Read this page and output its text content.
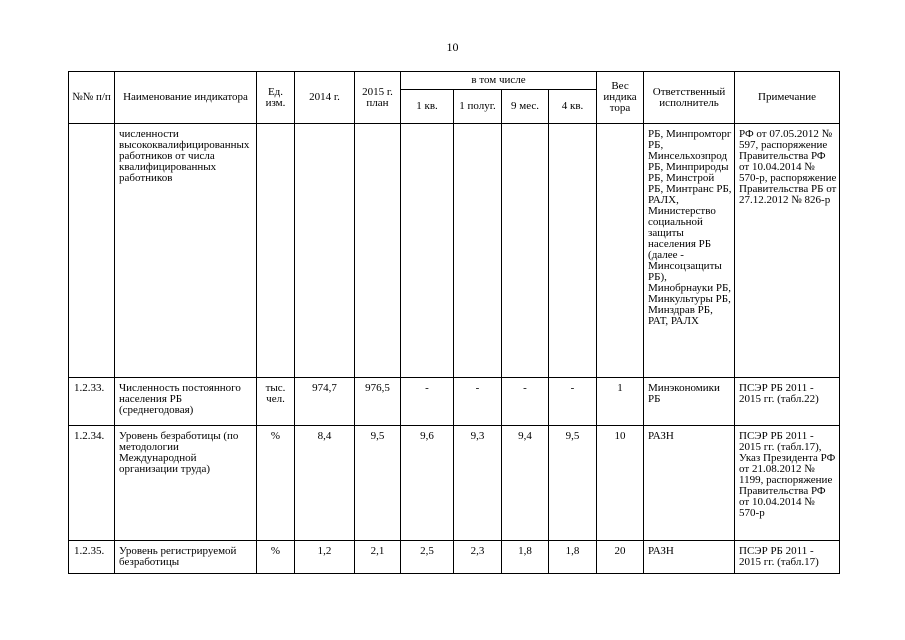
10
№№ п/п	Наименование индикатора	Ед. изм.	2014 г.	2015 г. план	в том числе				Вес индика тора	Ответственный исполнитель	Примечание
					1 кв.	1 полуг.	9 мес.	4 кв.			
	численности высококвалифицированных работников от числа квалифицированных работников									РБ, Минпромторг РБ, Минсельхозпрод РБ, Минприроды РБ, Минстрой РБ, Минтранс РБ, РАЛХ, Министерство социальной защиты населения РБ (далее - Минсоцзащиты РБ), Минобрнауки РБ, Минкультуры РБ, Минздрав РБ, РАТ, РАЛХ	РФ от 07.05.2012 № 597, распоряжение Правительства РФ от 10.04.2014 № 570-р, распоряжение Правительства РБ от 27.12.2012 № 826-р
1.2.33.	Численность постоянного населения РБ (среднегодовая)	тыс. чел.	974,7	976,5	-	-	-	-	1	Минэкономики РБ	ПСЭР РБ 2011 - 2015 гг. (табл.22)
1.2.34.	Уровень безработицы (по методологии Международной организации труда)	%	8,4	9,5	9,6	9,3	9,4	9,5	10	РАЗН	ПСЭР РБ 2011 - 2015 гг. (табл.17), Указ Президента РФ от 21.08.2012 № 1199, распоряжение Правительства РФ от 10.04.2014 № 570-р
1.2.35.	Уровень регистрируемой безработицы	%	1,2	2,1	2,5	2,3	1,8	1,8	20	РАЗН	ПСЭР РБ 2011 - 2015 гг. (табл.17)
